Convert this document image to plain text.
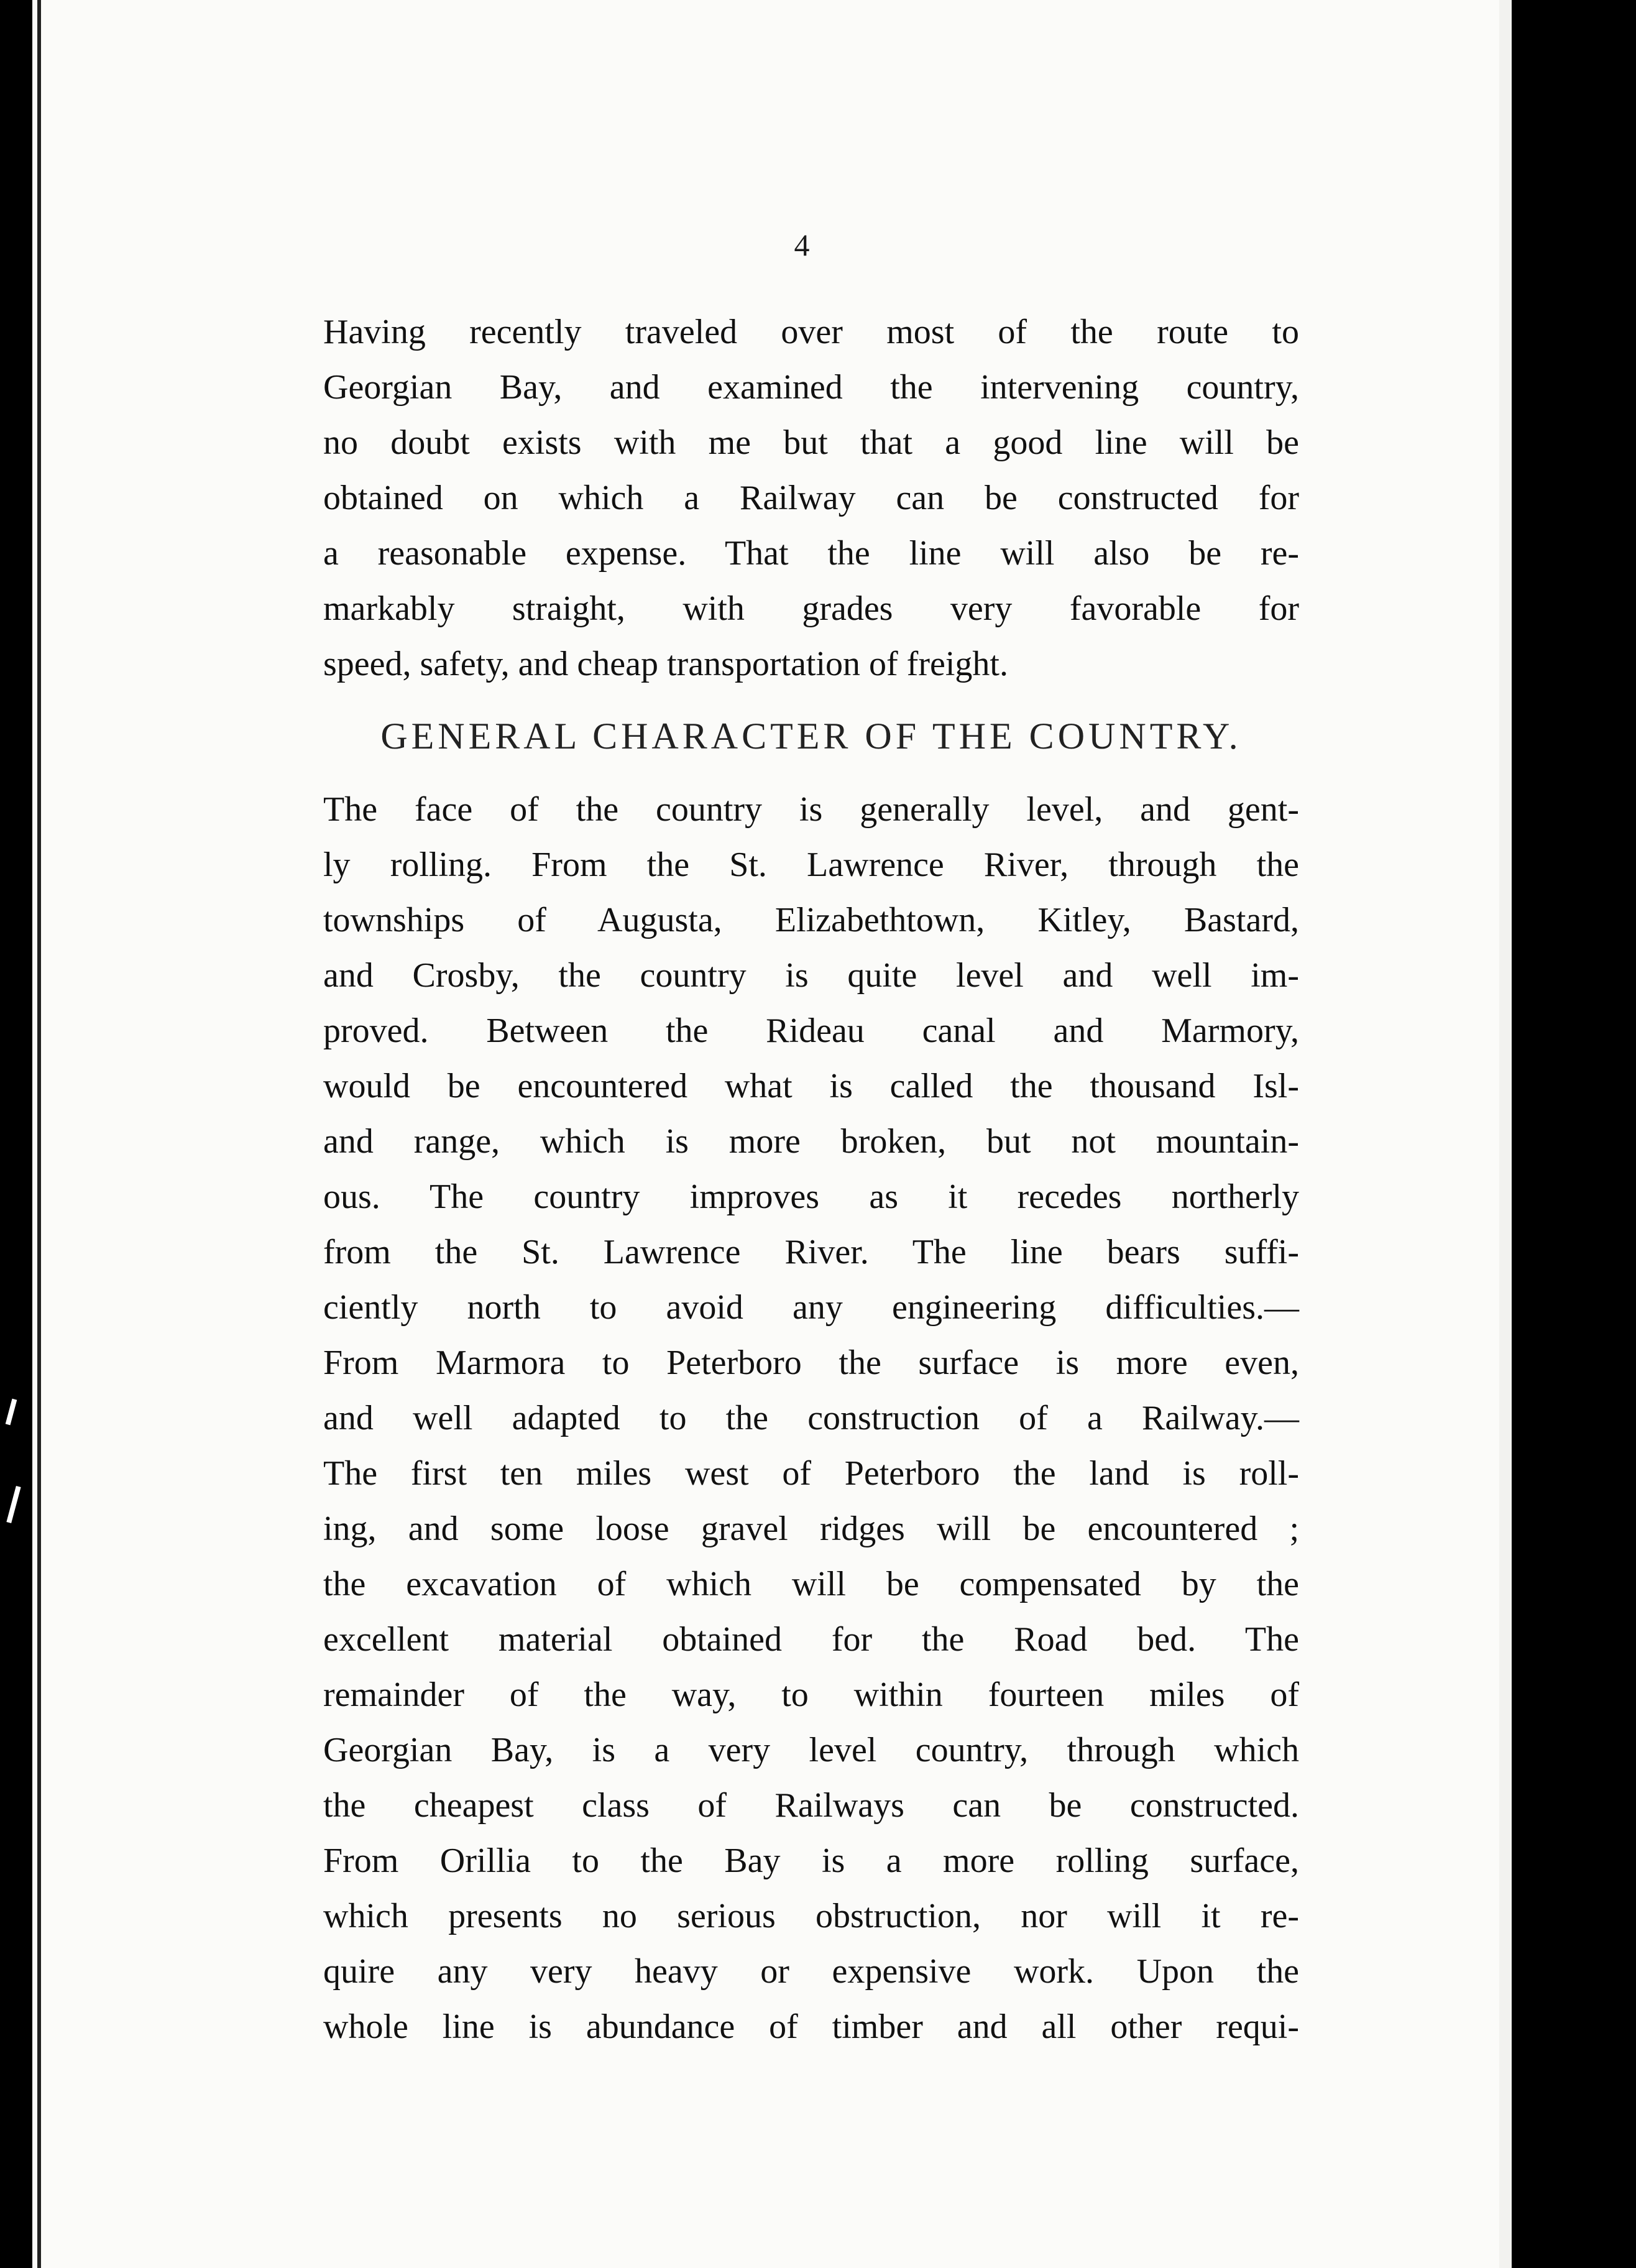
4
Having recently traveled over most of the route to
Georgian Bay, and examined the intervening country,
no doubt exists with me but that a good line will be
obtained on which a Railway can be constructed for
a reasonable expense. That the line will also be re-
markably straight, with grades very favorable for
speed, safety, and cheap transportation of freight.
GENERAL CHARACTER OF THE COUNTRY.
The face of the country is generally level, and gent-
ly rolling. From the St. Lawrence River, through the
townships of Augusta, Elizabethtown, Kitley, Bastard,
and Crosby, the country is quite level and well im-
proved. Between the Rideau canal and Marmory,
would be encountered what is called the thousand Isl-
and range, which is more broken, but not mountain-
ous. The country improves as it recedes northerly
from the St. Lawrence River. The line bears suffi-
ciently north to avoid any engineering difficulties.—
From Marmora to Peterboro the surface is more even,
and well adapted to the construction of a Railway.—
The first ten miles west of Peterboro the land is roll-
ing, and some loose gravel ridges will be encountered ;
the excavation of which will be compensated by the
excellent material obtained for the Road bed. The
remainder of the way, to within fourteen miles of
Georgian Bay, is a very level country, through which
the cheapest class of Railways can be constructed.
From Orillia to the Bay is a more rolling surface,
which presents no serious obstruction, nor will it re-
quire any very heavy or expensive work. Upon the
whole line is abundance of timber and all other requi-
